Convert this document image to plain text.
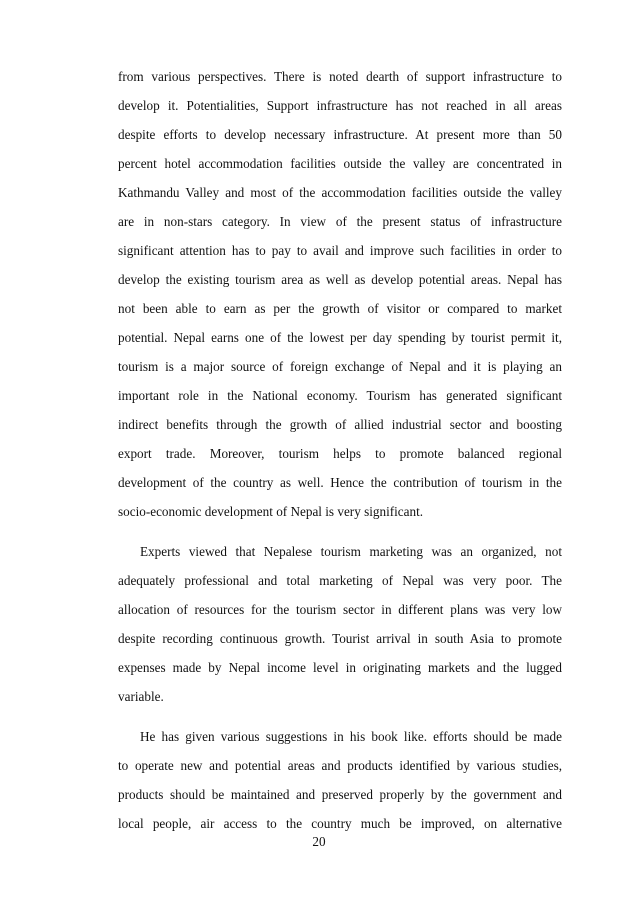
from various perspectives. There is noted dearth of support infrastructure to
develop it. Potentialities, Support infrastructure has not reached in all areas
despite efforts to develop necessary infrastructure. At present more than 50
percent hotel accommodation facilities outside the valley are concentrated in
Kathmandu Valley and most of the accommodation facilities outside the valley
are in non-stars category. In view of the present status of infrastructure
significant attention has to pay to avail and improve such facilities in order to
develop the existing tourism area as well as develop potential areas. Nepal has
not been able to earn as per the growth of visitor or compared to market
potential. Nepal earns one of the lowest per day spending by tourist permit it,
tourism is a major source of foreign exchange of Nepal and it is playing an
important role in the National economy. Tourism has generated significant
indirect benefits through the growth of allied industrial sector and boosting
export trade. Moreover, tourism helps to promote balanced regional
development of the country as well. Hence the contribution of tourism in the
socio-economic development of Nepal is very significant.
Experts viewed that Nepalese tourism marketing was an organized, not
adequately professional and total marketing of Nepal was very poor. The
allocation of resources for the tourism sector in different plans was very low
despite recording continuous growth. Tourist arrival in south Asia to promote
expenses made by Nepal income level in originating markets and the lugged
variable.
He has given various suggestions in his book like. efforts should be made
to operate new and potential areas and products identified by various studies,
products should be maintained and preserved properly by the government and
local people, air access to the country much be improved, on alternative
20
